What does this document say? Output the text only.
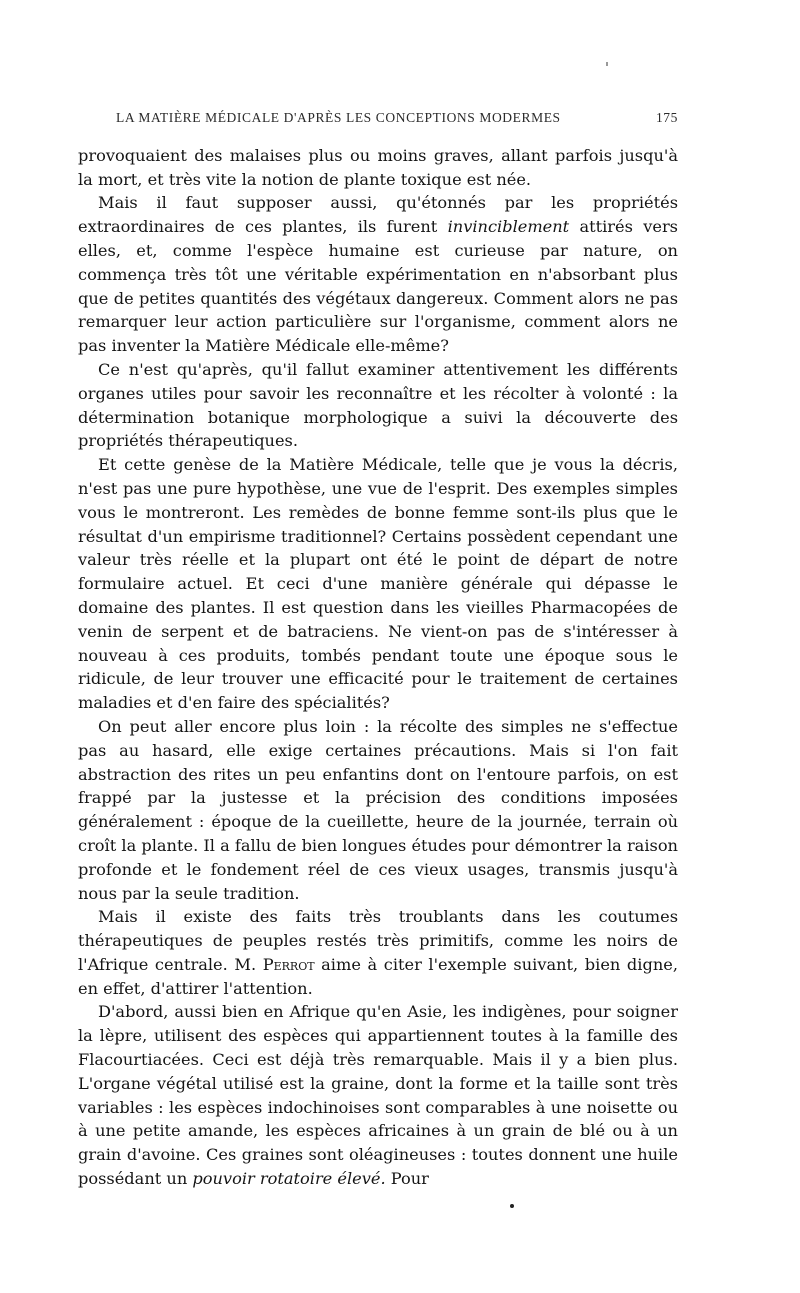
LA MATIÈRE MÉDICALE D'APRÈS LES CONCEPTIONS MODERMES	175

provoquaient des malaises plus ou moins graves, allant parfois jusqu'à la mort, et très vite la notion de plante toxique est née.

Mais il faut supposer aussi, qu'étonnés par les propriétés extraordinaires de ces plantes, ils furent invinciblement attirés vers elles, et, comme l'espèce humaine est curieuse par nature, on commença très tôt une véritable expérimentation en n'absorbant plus que de petites quantités des végétaux dangereux. Comment alors ne pas remarquer leur action particulière sur l'organisme, comment alors ne pas inventer la Matière Médicale elle-même?

Ce n'est qu'après, qu'il fallut examiner attentivement les différents organes utiles pour savoir les reconnaître et les récolter à volonté : la détermination botanique morphologique a suivi la découverte des propriétés thérapeutiques.

Et cette genèse de la Matière Médicale, telle que je vous la décris, n'est pas une pure hypothèse, une vue de l'esprit. Des exemples simples vous le montreront. Les remèdes de bonne femme sont-ils plus que le résultat d'un empirisme traditionnel? Certains possèdent cependant une valeur très réelle et la plupart ont été le point de départ de notre formulaire actuel. Et ceci d'une manière générale qui dépasse le domaine des plantes. Il est question dans les vieilles Pharmacopées de venin de serpent et de batraciens. Ne vient-on pas de s'intéresser à nouveau à ces produits, tombés pendant toute une époque sous le ridicule, de leur trouver une efficacité pour le traitement de certaines maladies et d'en faire des spécialités?

On peut aller encore plus loin : la récolte des simples ne s'effectue pas au hasard, elle exige certaines précautions. Mais si l'on fait abstraction des rites un peu enfantins dont on l'entoure parfois, on est frappé par la justesse et la précision des conditions imposées généralement : époque de la cueillette, heure de la journée, terrain où croît la plante. Il a fallu de bien longues études pour démontrer la raison profonde et le fondement réel de ces vieux usages, transmis jusqu'à nous par la seule tradition.

Mais il existe des faits très troublants dans les coutumes thérapeutiques de peuples restés très primitifs, comme les noirs de l'Afrique centrale. M. Perrot aime à citer l'exemple suivant, bien digne, en effet, d'attirer l'attention.

D'abord, aussi bien en Afrique qu'en Asie, les indigènes, pour soigner la lèpre, utilisent des espèces qui appartiennent toutes à la famille des Flacourtiacées. Ceci est déjà très remarquable. Mais il y a bien plus. L'organe végétal utilisé est la graine, dont la forme et la taille sont très variables : les espèces indochinoises sont comparables à une noisette ou à une petite amande, les espèces africaines à un grain de blé ou à un grain d'avoine. Ces graines sont oléagineuses : toutes donnent une huile possédant un pouvoir rotatoire élevé. Pour
